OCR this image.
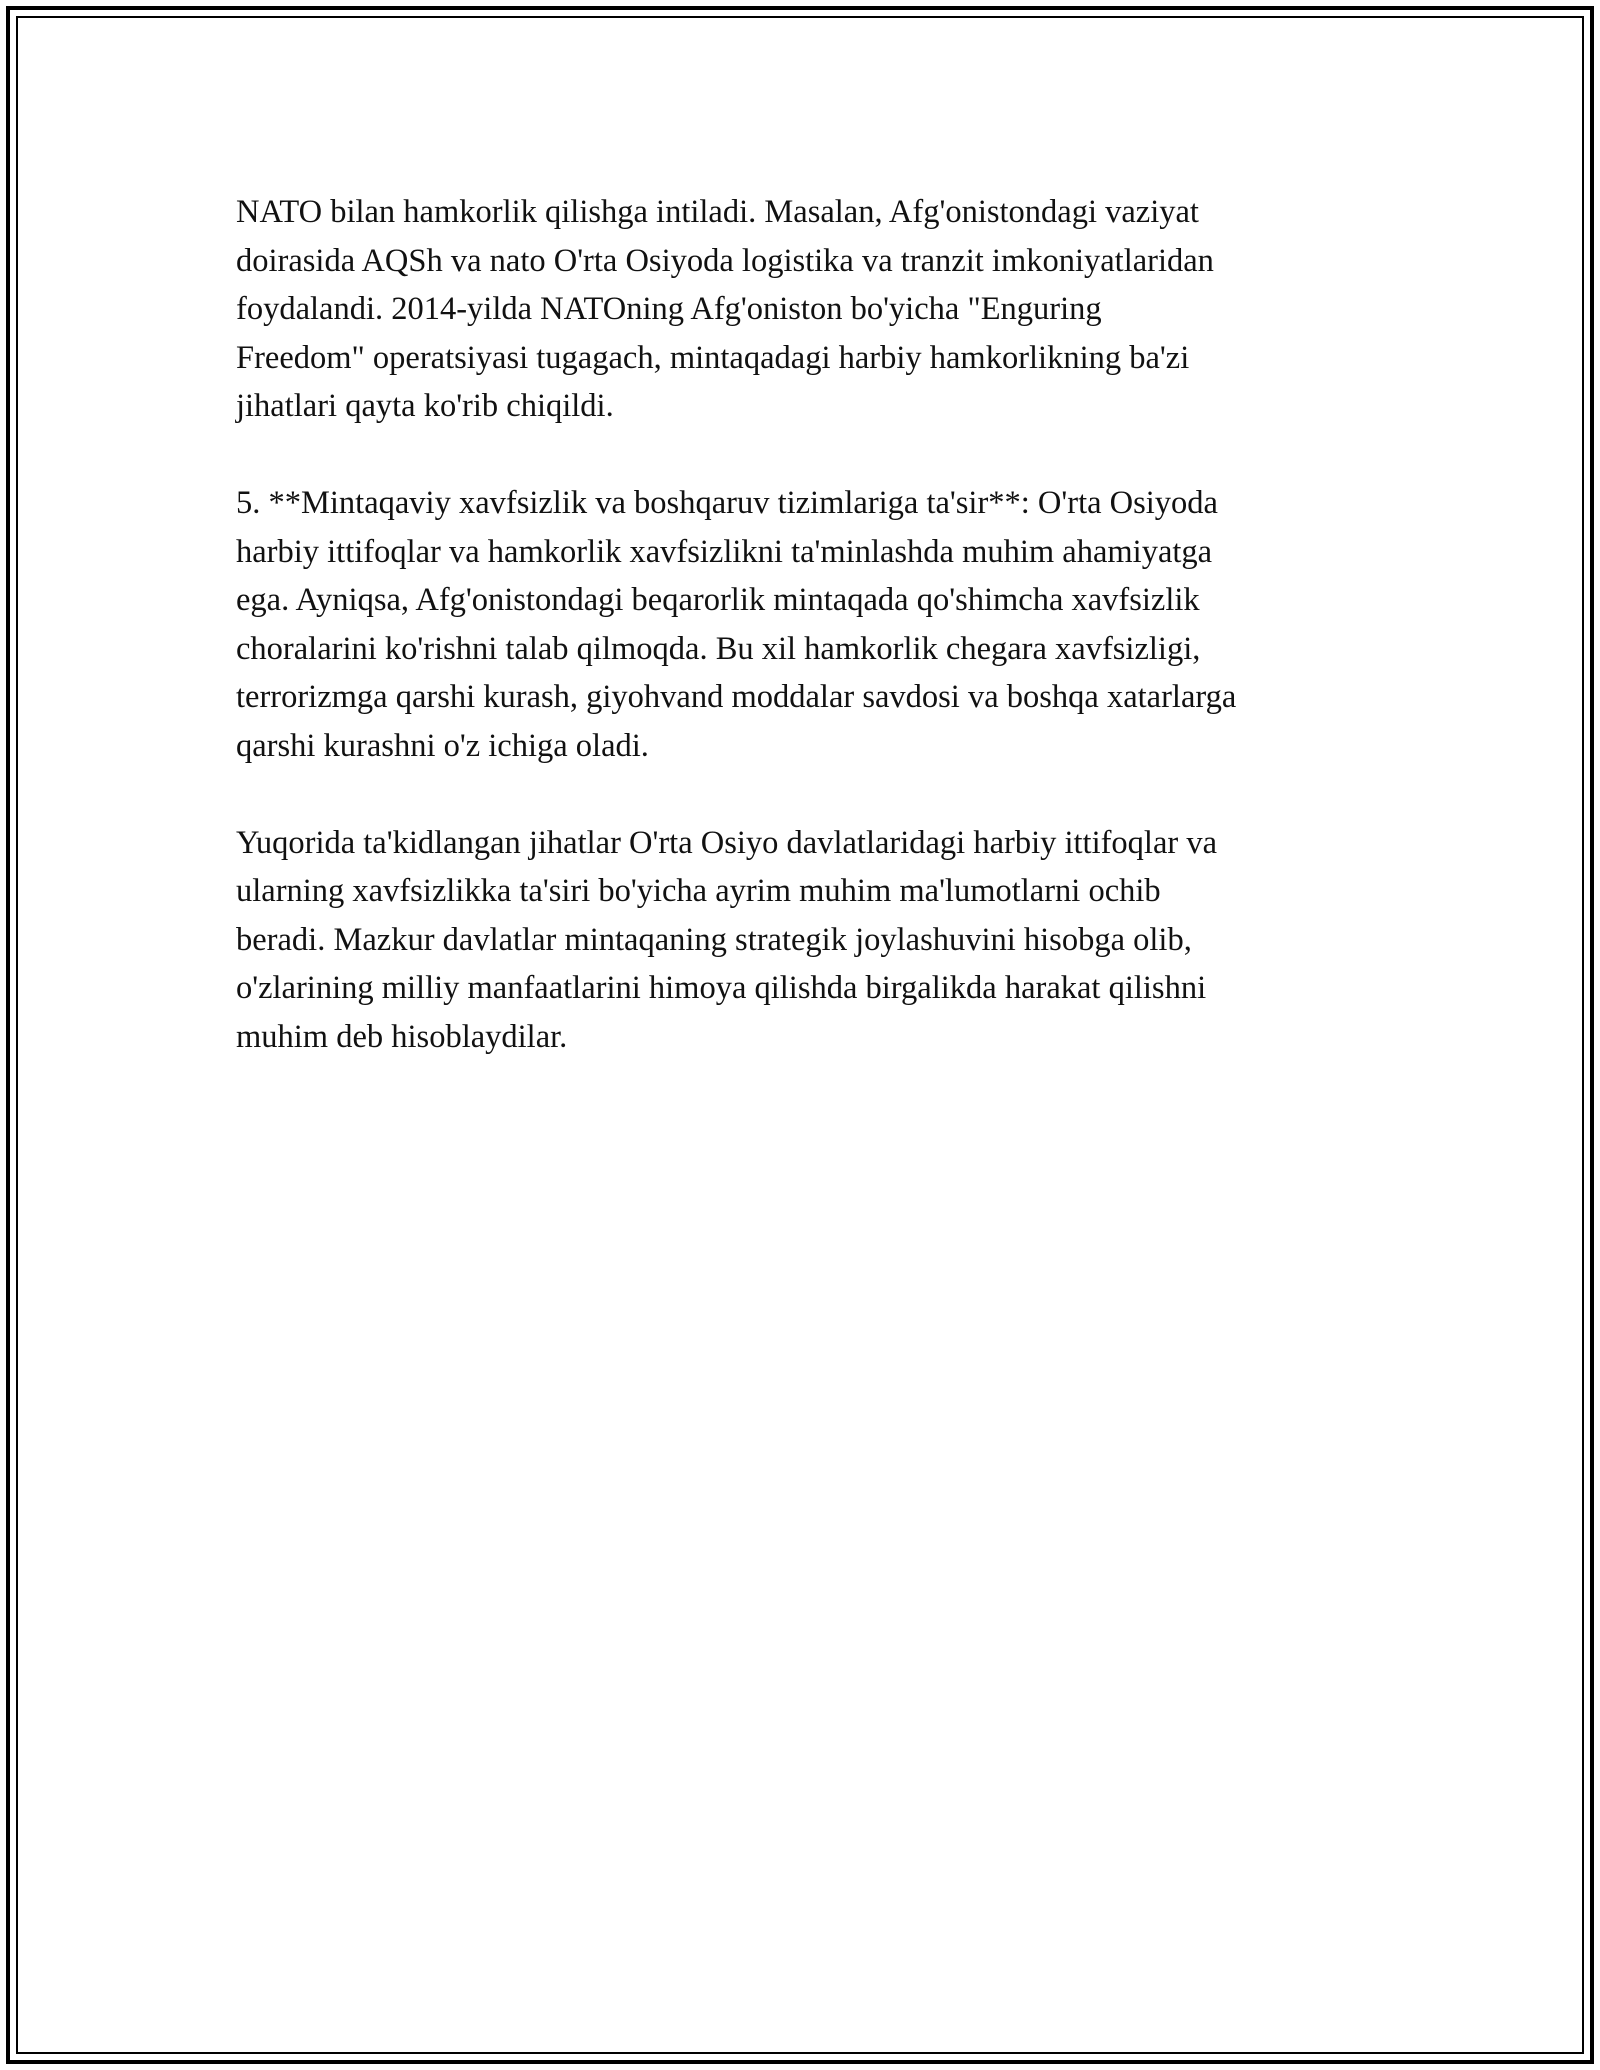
NATO bilan hamkorlik qilishga intiladi. Masalan, Afg'onistondagi vaziyat
doirasida AQSh va nato O'rta Osiyoda logistika va tranzit imkoniyatlaridan
foydalandi. 2014-yilda NATOning Afg'oniston bo'yicha "Enguring
Freedom" operatsiyasi tugagach, mintaqadagi harbiy hamkorlikning ba'zi
jihatlari qayta ko'rib chiqildi.

5. **Mintaqaviy xavfsizlik va boshqaruv tizimlariga ta'sir**: O'rta Osiyoda
harbiy ittifoqlar va hamkorlik xavfsizlikni ta'minlashda muhim ahamiyatga
ega. Ayniqsa, Afg'onistondagi beqarorlik mintaqada qo'shimcha xavfsizlik
choralarini ko'rishni talab qilmoqda. Bu xil hamkorlik chegara xavfsizligi,
terrorizmga qarshi kurash, giyohvand moddalar savdosi va boshqa xatarlarga
qarshi kurashni o'z ichiga oladi.

Yuqorida ta'kidlangan jihatlar O'rta Osiyo davlatlaridagi harbiy ittifoqlar va
ularning xavfsizlikka ta'siri bo'yicha ayrim muhim ma'lumotlarni ochib
beradi. Mazkur davlatlar mintaqaning strategik joylashuvini hisobga olib,
o'zlarining milliy manfaatlarini himoya qilishda birgalikda harakat qilishni
muhim deb hisoblaydilar.
